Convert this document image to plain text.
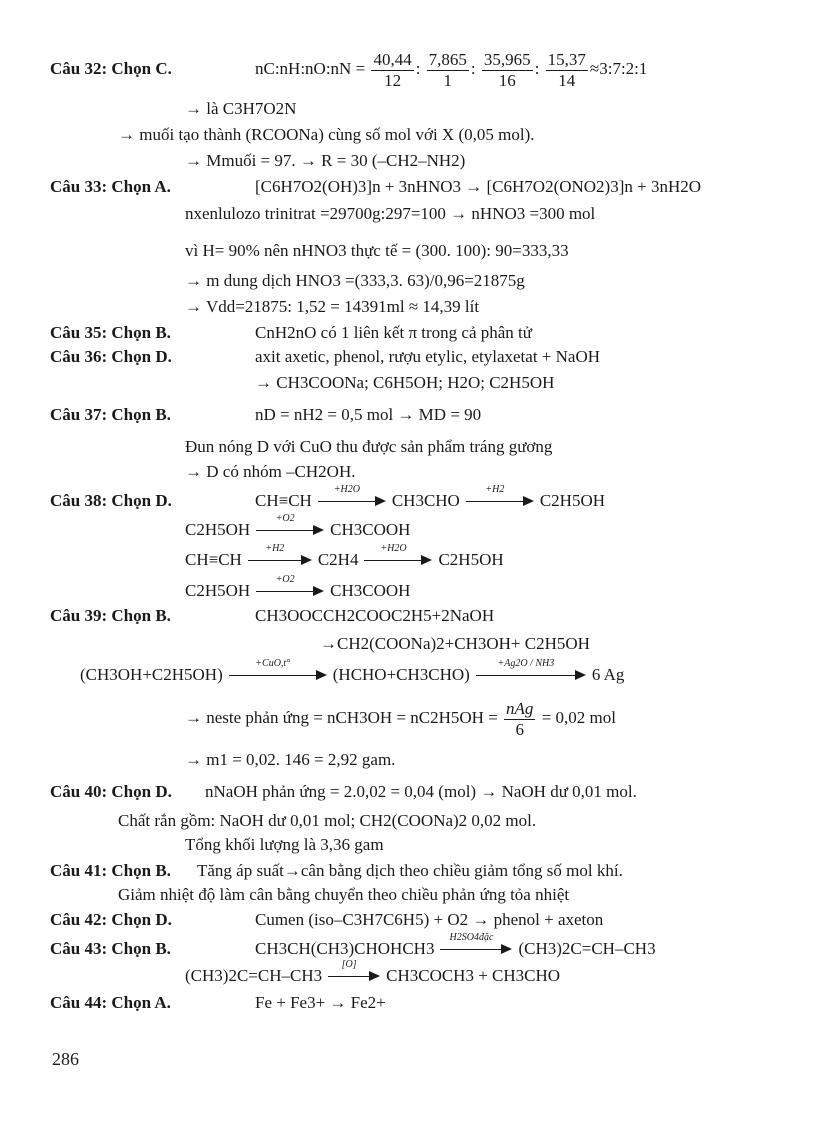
Câu 32: Chọn C.	nC:nH:nO:nN = $\frac{40,44}{12}$ : $\frac{7,865}{1}$ : $\frac{35,965}{16}$ : $\frac{15,37}{14}$ ≈3:7:2:1
→ là C3H7O2N
→ muối tạo thành (RCOONa) cùng số mol với X (0,05 mol).
→ Mmuối = 97. → R = 30 (–CH2–NH2)
Câu 33: Chọn A.	[C6H7O2(OH)3]n + 3nHNO3 → [C6H7O2(ONO2)3]n + 3nH2O
nxenlulozo trinitrat =29700g:297=100 → nHNO3 =300 mol
vì H= 90% nên nHNO3 thực tế = (300. 100): 90=333,33
→ m dung dịch HNO3 =(333,3. 63)/0,96=21875g
→ Vdd=21875: 1,52 = 14391ml ≈ 14,39 lít
Câu 35: Chọn B.	CnH2nO có 1 liên kết π trong cả phân tử
Câu 36: Chọn D.	axit axetic, phenol, rượu etylic, etylaxetat + NaOH
→ CH3COONa; C6H5OH; H2O; C2H5OH
Câu 37: Chọn B.	nD = nH2 = 0,5 mol → MD = 90
Đun nóng D với CuO thu được sản phẩm tráng gương
→ D có nhóm –CH2OH.
Câu 38: Chọn D.	CH≡CH
+H2O
CH3CHO
+H2
C2H5OH
C2H5OH
+O2
CH3COOH
CH≡CH
+H2
C2H4
+H2O
C2H5OH
C2H5OH
+O2
CH3COOH
Câu 39: Chọn B.	CH3OOCCH2COOC2H5+2NaOH
→CH2(COONa)2+CH3OH+ C2H5OH
(CH3OH+C2H5OH)
+CuO,t°
(HCHO+CH3CHO)
+Ag2O / NH3
6 Ag
→ neste phản ứng = $nCH3OH = nC2H5OH = \frac{\text{nAg}}{6} = 0,02$ mol
→ m1 = 0,02. 146 = 2,92 gam.
Câu 40: Chọn D. nNaOH phản ứng = 2.0,02 = 0,04 (mol) → NaOH dư 0,01 mol.
Chất rắn gồm: NaOH dư 0,01 mol; CH2(COONa)2 0,02 mol.
Tổng khối lượng là 3,36 gam
Câu 41: Chọn B. Tăng áp suất→cân bằng dịch theo chiều giảm tổng số mol khí.
Giảm nhiệt độ làm cân bằng chuyển theo chiều phản ứng tỏa nhiệt
Câu 42: Chọn D.	Cumen (iso–C3H7C6H5) + O2 → phenol + axeton
Câu 43: Chọn B.	CH3CH(CH3)CHOHCH3
H2SO4đặc
(CH3)2C=CH–CH3
(CH3)2C=CH–CH3
[O]
CH3COCH3 + CH3CHO
Câu 44: Chọn A.	Fe + Fe3+ → Fe2+
286
